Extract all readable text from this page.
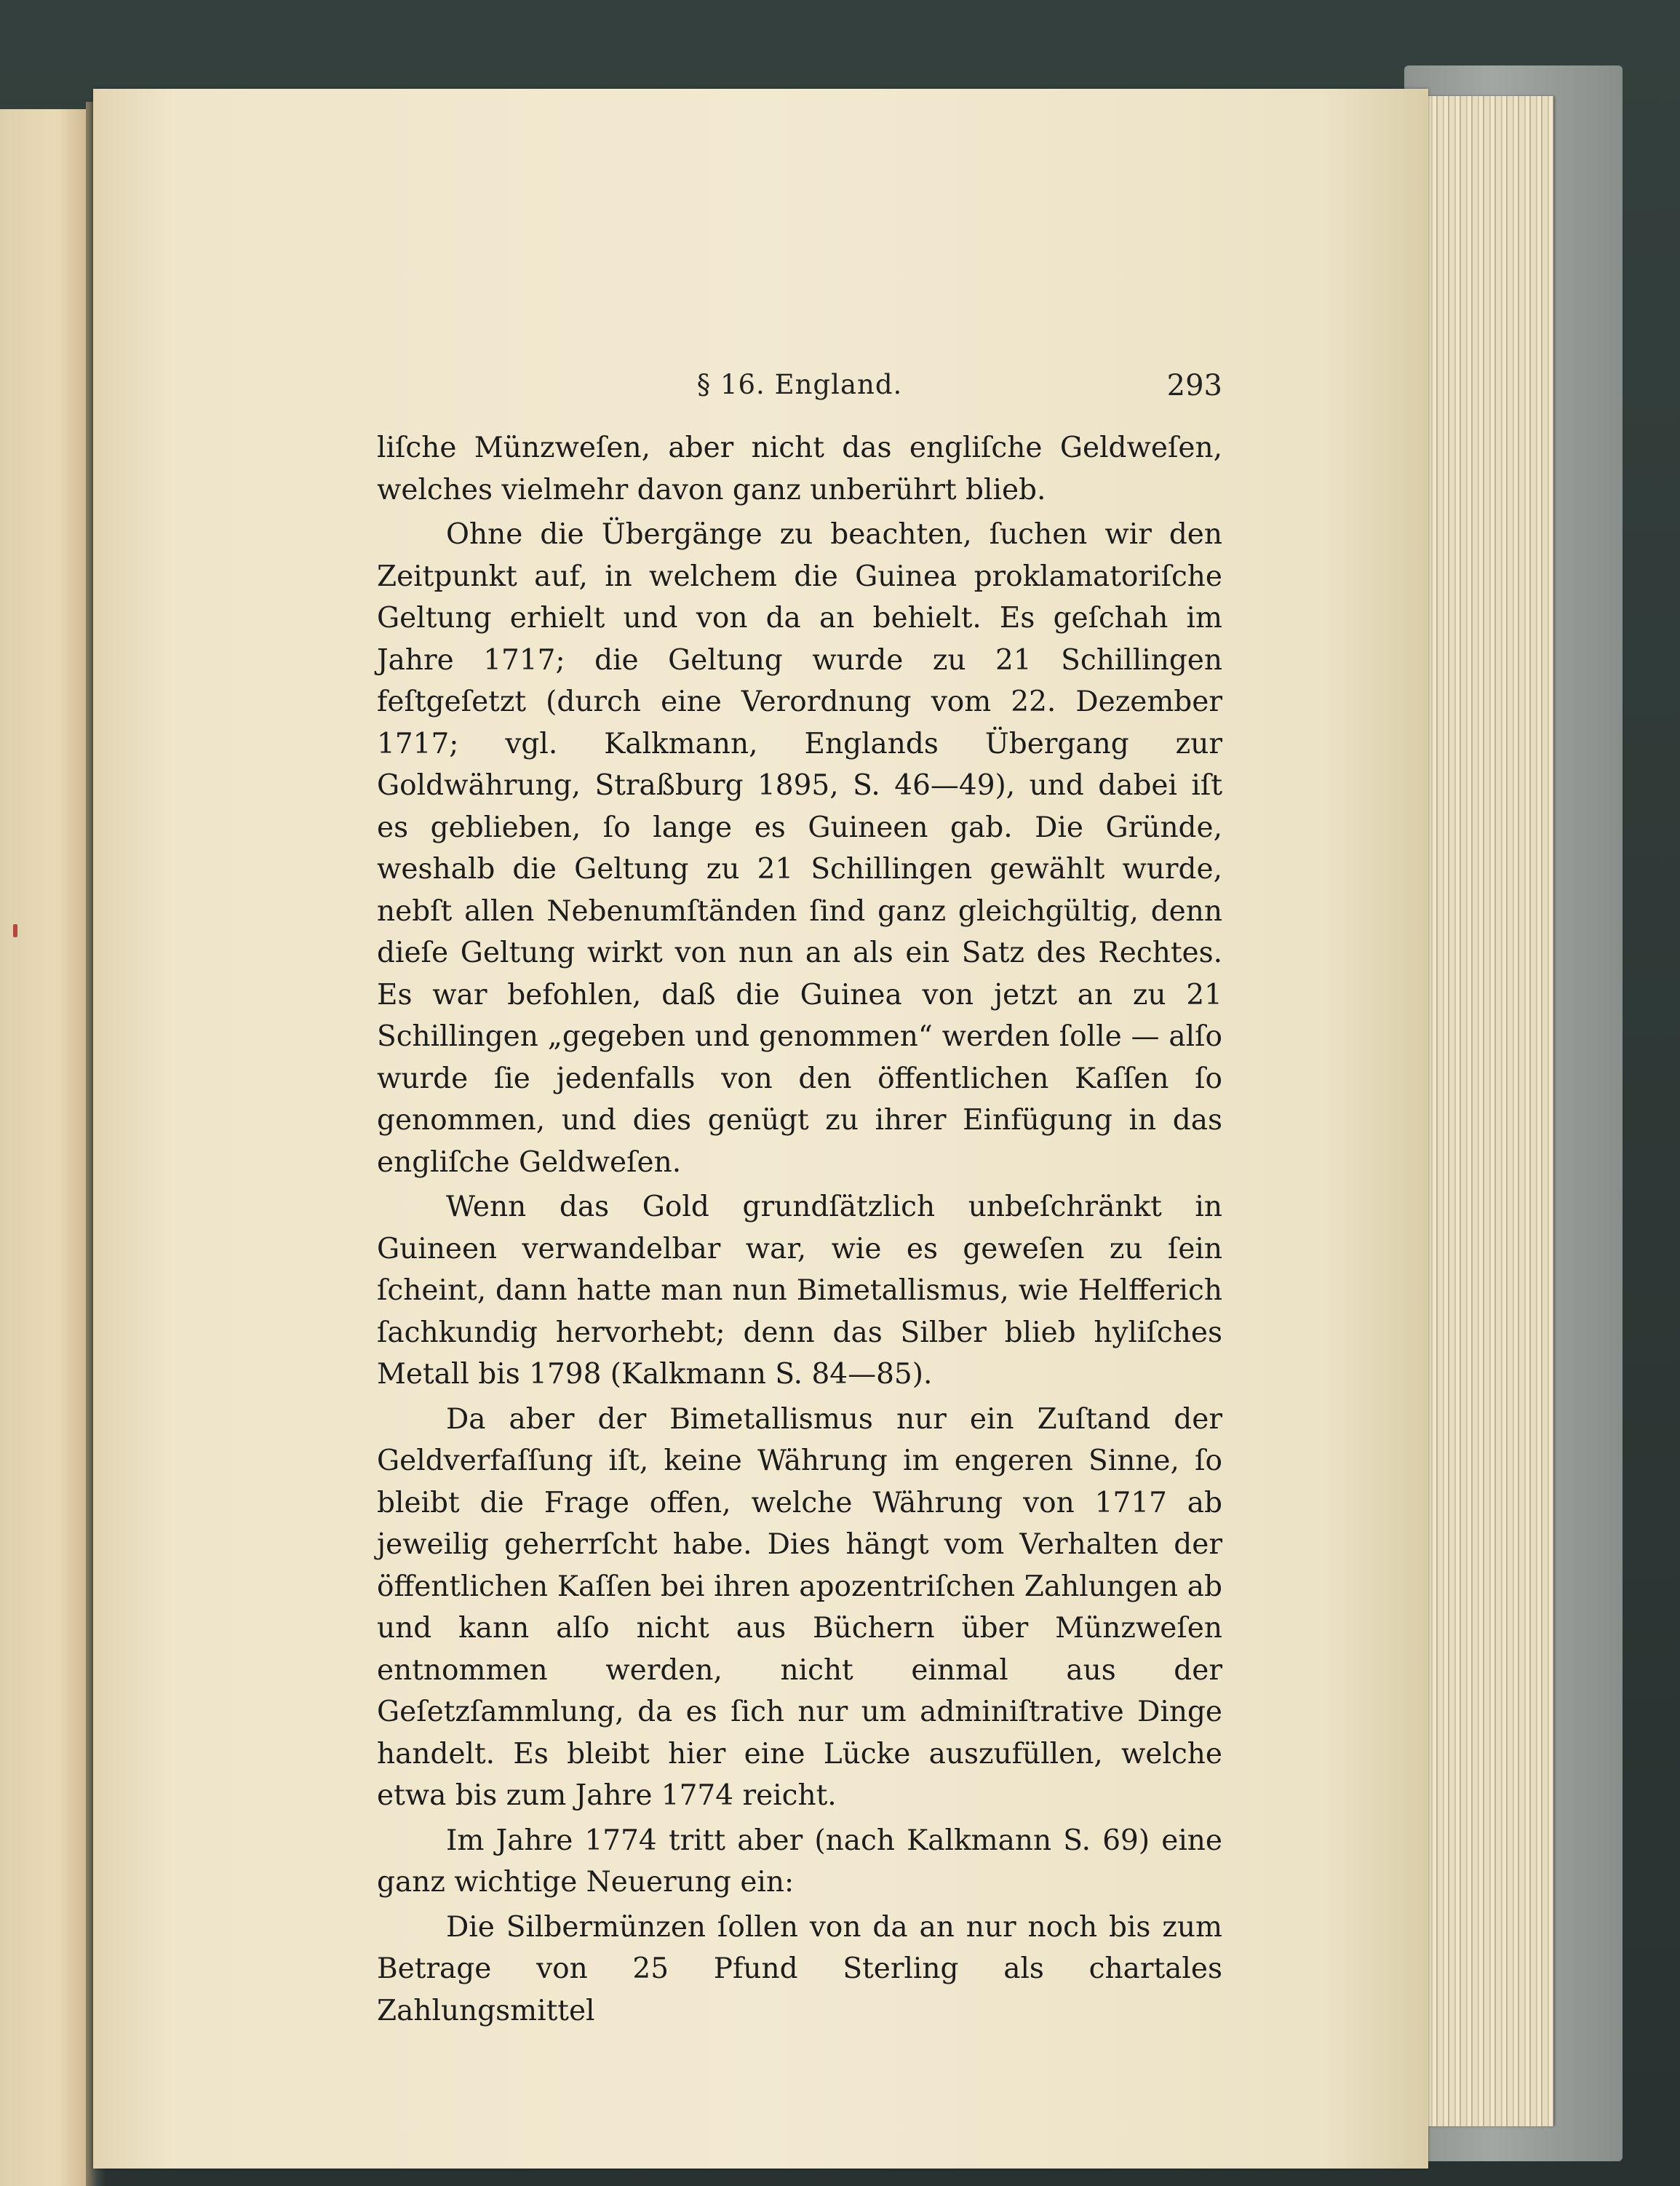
§ 16. England.	293

liſche Münzweſen, aber nicht das engliſche Geldweſen, welches vielmehr davon ganz unberührt blieb.

Ohne die Übergänge zu beachten, ſuchen wir den Zeitpunkt auf, in welchem die Guinea proklamatoriſche Geltung erhielt und von da an behielt. Es geſchah im Jahre 1717; die Geltung wurde zu 21 Schillingen feſtgeſetzt (durch eine Verordnung vom 22. Dezember 1717; vgl. Kalkmann, Englands Übergang zur Goldwährung, Straßburg 1895, S. 46—49), und dabei iſt es geblieben, ſo lange es Guineen gab. Die Gründe, weshalb die Geltung zu 21 Schillingen gewählt wurde, nebſt allen Nebenumſtänden ſind ganz gleichgültig, denn dieſe Geltung wirkt von nun an als ein Satz des Rechtes. Es war befohlen, daß die Guinea von jetzt an zu 21 Schillingen „gegeben und genommen“ werden ſolle — alſo wurde ſie jedenfalls von den öffentlichen Kaſſen ſo genommen, und dies genügt zu ihrer Einfügung in das engliſche Geldweſen.

Wenn das Gold grundſätzlich unbeſchränkt in Guineen verwandelbar war, wie es geweſen zu ſein ſcheint, dann hatte man nun Bimetallismus, wie Helfferich ſachkundig hervorhebt; denn das Silber blieb hyliſches Metall bis 1798 (Kalkmann S. 84—85).

Da aber der Bimetallismus nur ein Zuſtand der Geldverfaſſung iſt, keine Währung im engeren Sinne, ſo bleibt die Frage offen, welche Währung von 1717 ab jeweilig geherrſcht habe. Dies hängt vom Verhalten der öffentlichen Kaſſen bei ihren apozentriſchen Zahlungen ab und kann alſo nicht aus Büchern über Münzweſen entnommen werden, nicht einmal aus der Geſetzſammlung, da es ſich nur um adminiſtrative Dinge handelt. Es bleibt hier eine Lücke auszufüllen, welche etwa bis zum Jahre 1774 reicht.

Im Jahre 1774 tritt aber (nach Kalkmann S. 69) eine ganz wichtige Neuerung ein:

Die Silbermünzen ſollen von da an nur noch bis zum Betrage von 25 Pfund Sterling als chartales Zahlungsmittel
